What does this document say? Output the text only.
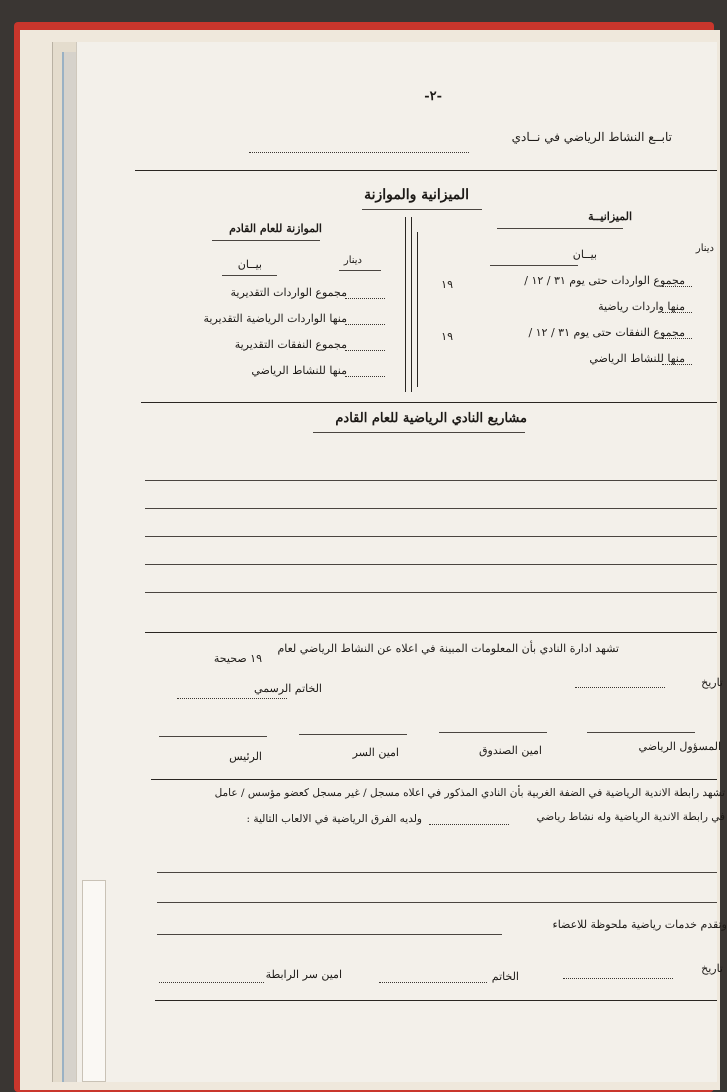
-٢-
تابــع النشاط الرياضي في نــادي
الميزانية والموازنة
الموازنة للعام القادم
دينار
بيــان
مجموع الواردات التقديرية
منها الواردات الرياضية التقديرية
مجموع النفقات التقديرية
منها للنشاط الرياضي
الميزانيــة
دينار
بيــان
مجموع الواردات حتى يوم ٣١ / ١٢ /
١٩
منها واردات رياضية
مجموع النفقات حتى يوم ٣١ / ١٢ /
١٩
منها للنشاط الرياضي
مشاريع النادي الرياضية للعام القادم
تشهد ادارة النادي بأن المعلومات المبينة في اعلاه عن النشاط الرياضي لعام
١٩ صحيحة
تاريخ
الخاتم الرسمي
المسؤول الرياضي
امين الصندوق
امين السر
الرئيس
تشهد رابطة الاندية الرياضية في الضفة الغربية بأن النادي المذكور في اعلاه مسجل / غير مسجل كعضو مؤسس / عامل
في رابطة الاندية الرياضية وله نشاط رياضي
ولديه الفرق الرياضية في الالعاب التالية :
وتقدم خدمات رياضية ملحوظة للاعضاء
تاريخ
الخاتم
امين سر الرابطة
